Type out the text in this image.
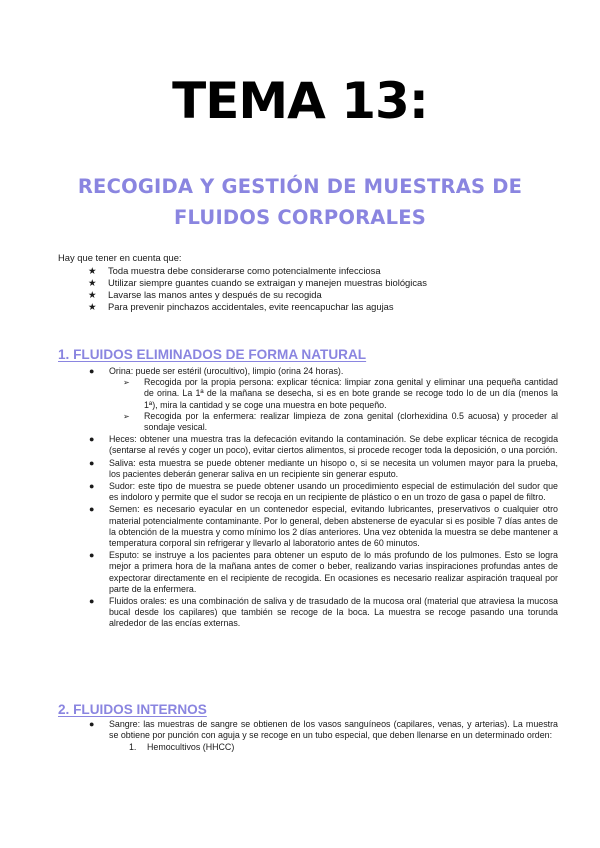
TEMA 13:
RECOGIDA Y GESTIÓN DE MUESTRAS DE
FLUIDOS CORPORALES

Hay que tener en cuenta que:

★ Toda muestra debe considerarse como potencialmente infecciosa
★ Utilizar siempre guantes cuando se extraigan y manejen muestras biológicas
★ Lavarse las manos antes y después de su recogida
★ Para prevenir pinchazos accidentales, evite reencapuchar las agujas
1. FLUIDOS ELIMINADOS DE FORMA NATURAL
● Orina: puede ser estéril (urocultivo), limpio (orina 24 horas).
➢ Recogida por la propia persona: explicar técnica: limpiar zona genital y eliminar una pequeña cantidad de orina. La 1ª de la mañana se desecha, si es en bote grande se recoge todo lo de un día (menos la 1ª), mira la cantidad y se coge una muestra en bote pequeño.
➢ Recogida por la enfermera: realizar limpieza de zona genital (clorhexidina 0.5 acuosa) y proceder al sondaje vesical.
● Heces: obtener una muestra tras la defecación evitando la contaminación. Se debe explicar técnica de recogida (sentarse al revés y coger un poco), evitar ciertos alimentos, si procede recoger toda la deposición, o una porción.
● Saliva: esta muestra se puede obtener mediante un hisopo o, si se necesita un volumen mayor para la prueba, los pacientes deberán generar saliva en un recipiente sin generar esputo.
● Sudor: este tipo de muestra se puede obtener usando un procedimiento especial de estimulación del sudor que es indoloro y permite que el sudor se recoja en un recipiente de plástico o en un trozo de gasa o papel de filtro.
● Semen: es necesario eyacular en un contenedor especial, evitando lubricantes, preservativos o cualquier otro material potencialmente contaminante. Por lo general, deben abstenerse de eyacular si es posible 7 días antes de la obtención de la muestra y como mínimo los 2 días anteriores. Una vez obtenida la muestra se debe mantener a temperatura corporal sin refrigerar y llevarlo al laboratorio antes de 60 minutos.
● Esputo: se instruye a los pacientes para obtener un esputo de lo más profundo de los pulmones. Esto se logra mejor a primera hora de la mañana antes de comer o beber, realizando varias inspiraciones profundas antes de expectorar directamente en el recipiente de recogida. En ocasiones es necesario realizar aspiración traqueal por parte de la enfermera.
● Fluidos orales: es una combinación de saliva y de trasudado de la mucosa oral (material que atraviesa la mucosa bucal desde los capilares) que también se recoge de la boca. La muestra se recoge pasando una torunda alrededor de las encías externas.
2. FLUIDOS INTERNOS
● Sangre: las muestras de sangre se obtienen de los vasos sanguíneos (capilares, venas, y arterias). La muestra se obtiene por punción con aguja y se recoge en un tubo especial, que deben llenarse en un determinado orden:
1. Hemocultivos (HHCC)
